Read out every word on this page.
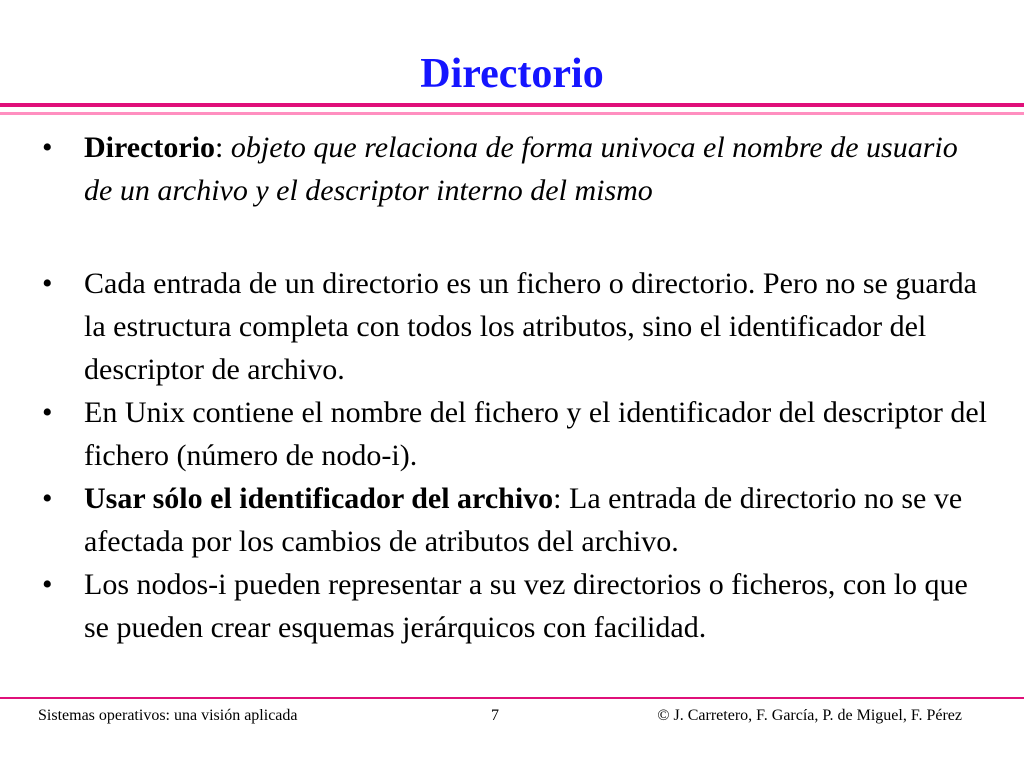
Directorio
• Directorio: objeto que relaciona de forma univoca el nombre de usuario de un archivo y el descriptor interno del mismo
• Cada entrada de un directorio es un fichero o directorio. Pero no se guarda la estructura completa con todos los atributos, sino el identificador del descriptor de archivo.
• En Unix contiene el nombre del fichero y el identificador del descriptor del fichero (número de nodo-i).
• Usar sólo el identificador del archivo: La entrada de directorio no se ve afectada por los cambios de atributos del archivo.
• Los nodos-i pueden representar a su vez directorios o ficheros, con lo que se pueden crear esquemas jerárquicos con facilidad.
Sistemas operativos: una visión aplicada	7	© J. Carretero, F. García, P. de Miguel, F. Pérez
